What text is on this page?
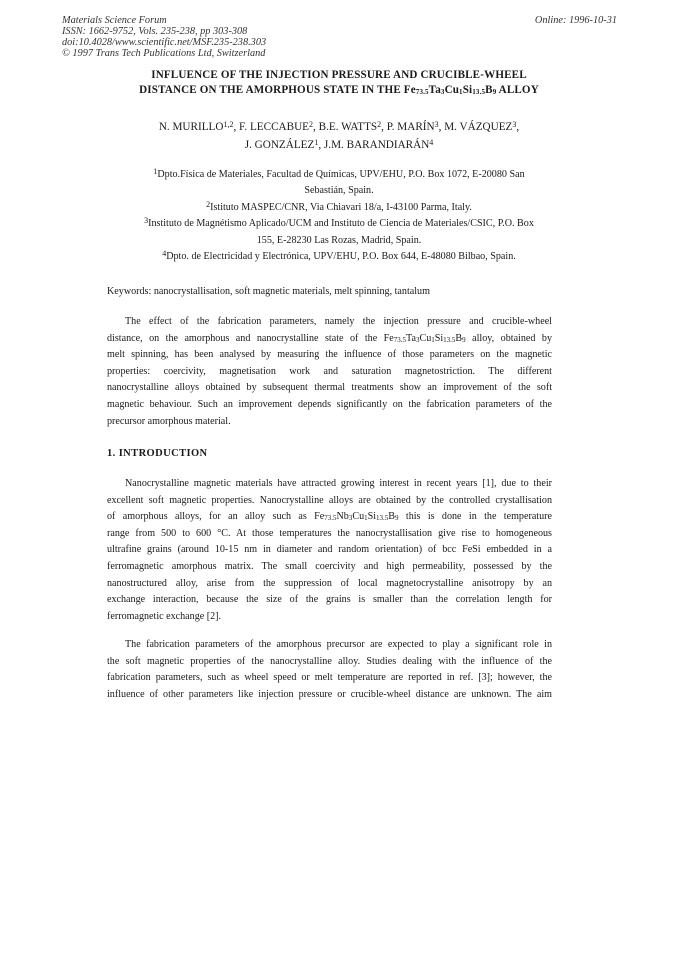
Materials Science Forum
ISSN: 1662-9752, Vols. 235-238, pp 303-308
doi:10.4028/www.scientific.net/MSF.235-238.303
© 1997 Trans Tech Publications Ltd, Switzerland
Online: 1996-10-31
INFLUENCE OF THE INJECTION PRESSURE AND CRUCIBLE-WHEEL
DISTANCE ON THE AMORPHOUS STATE IN THE $Fe_{73.5}Ta_3Cu_1Si_{13.5}B_9$ ALLOY
N. MURILLO$^{1,2}$, F. LECCABUE$^2$, B.E. WATTS$^2$, P. MARÍN$^3$, M. VÁZQUEZ$^3$,
J. GONZÁLEZ$^1$, J.M. BARANDIARÁN$^4$
$^1$Dpto.Física de Materiales, Facultad de Químicas, UPV/EHU, P.O. Box 1072, E-20080 San
Sebastián, Spain.
$^2$Istituto MASPEC/CNR, Via Chiavari 18/a, I-43100 Parma, Italy.
$^3$Instituto de Magnétismo Aplicado/UCM and Instituto de Ciencia de Materiales/CSIC, P.O. Box
155, E-28230 Las Rozas, Madrid, Spain.
$^4$Dpto. de Electricidad y Electrónica, UPV/EHU, P.O. Box 644, E-48080 Bilbao, Spain.
Keywords: nanocrystallisation, soft magnetic materials, melt spinning, tantalum
The effect of the fabrication parameters, namely the injection pressure and crucible-wheel
distance, on the amorphous and nanocrystalline state of the $Fe_{73.5}Ta_3Cu_1Si_{13.5}B_9$ alloy, obtained by
melt spinning, has been analysed by measuring the influence of those parameters on the magnetic
properties: coercivity, magnetisation work and saturation magnetostriction. The different
nanocrystalline alloys obtained by subsequent thermal treatments show an improvement of the soft
magnetic behaviour. Such an improvement depends significantly on the fabrication parameters of the
precursor amorphous material.
1. INTRODUCTION
Nanocrystalline magnetic materials have attracted growing interest in recent years [1], due to their
excellent soft magnetic properties. Nanocrystalline alloys are obtained by the controlled crystallisation
of amorphous alloys, for an alloy such as $Fe_{73.5}Nb_3Cu_1Si_{13.5}B_9$ this is done in the temperature
range from 500 to 600 °C. At those temperatures the nanocrystallisation give rise to homogeneous
ultrafine grains (around 10-15 nm in diameter and random orientation) of bcc FeSi embedded in a
ferromagnetic amorphous matrix. The small coercivity and high permeability, possessed by the
nanostructured alloy, arise from the suppression of local magnetocrystalline anisotropy by an
exchange interaction, because the size of the grains is smaller than the correlation length for
ferromagnetic exchange [2].
The fabrication parameters of the amorphous precursor are expected to play a significant role in
the soft magnetic properties of the nanocrystalline alloy. Studies dealing with the influence of the
fabrication parameters, such as wheel speed or melt temperature are reported in ref. [3]; however, the
influence of other parameters like injection pressure or crucible-wheel distance are unknown. The aim
